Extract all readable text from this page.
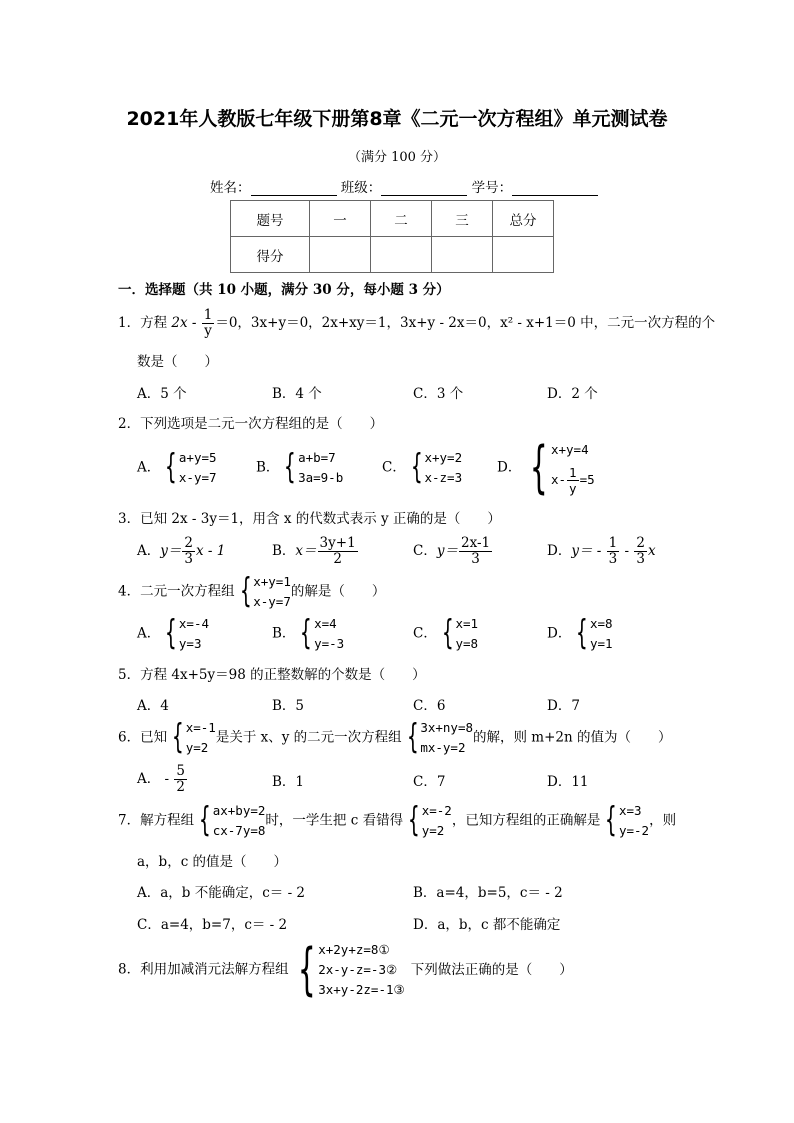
2021年人教版七年级下册第8章《二元一次方程组》单元测试卷
（满分 100 分）
姓名：	班级：	学号：
题号	一	二	三	总分
得分				
一．选择题（共 10 小题，满分 30 分，每小题 3 分）
1．方程 $2x - \frac{1}{y} =0$，3x+y＝0，2x+xy＝1，3x+y - 2x＝0，x² - x+1＝0 中，二元一次方程的个
数是（　　）
A．5 个	B．4 个	C．3 个	D．2 个
2．下列选项是二元一次方程组的是（　　）
A． { a+y=5
x-y=7
B． { a+b=7
3a=9-b
C． { x+y=2
x-z=3
D． { x+y=4
$x- \frac{1}{y} =5$
3．已知 2x - 3y＝1，用含 x 的代数式表示 y 正确的是（　　）
A．$y= \frac{2}{3}$ x - 1	B．$x= \frac{3y+1}{2}$	C．$y= \frac{2x-1}{3}$	D．$y= - \frac{1}{3} - \frac{2}{3}$ x
4．二元一次方程组 { x+y=1
x-y=7
的解是（　　）
A． { x=-4
y=3
B． { x=4
y=-3
C． { x=1
y=8
D． { x=8
y=1
5．方程 4x+5y＝98 的正整数解的个数是（　　）
A．4	B．5	C．6	D．7
6．已知 { x=-1
y=2
是关于 x、y 的二元一次方程组 { 3x+ny=8
mx-y=2
的解，则 m+2n 的值为（　　）
A． - $\frac{5}{2}$	B．1	C．7	D．11
7．解方程组 { ax+by=2
cx-7y=8
时，一学生把 c 看错得 { x=-2
y=2
，已知方程组的正确解是 { x=3
y=-2
，则
a，b，c 的值是（　　）
A．a，b 不能确定，c＝ - 2	B．a=4，b=5，c＝ - 2
C．a=4，b=7，c＝ - 2	D．a，b，c 都不能确定
8．利用加减消元法解方程组 { x+2y+z=8①
2x-y-z=-3②
3x+y-2z=-1③
下列做法正确的是（　　）
